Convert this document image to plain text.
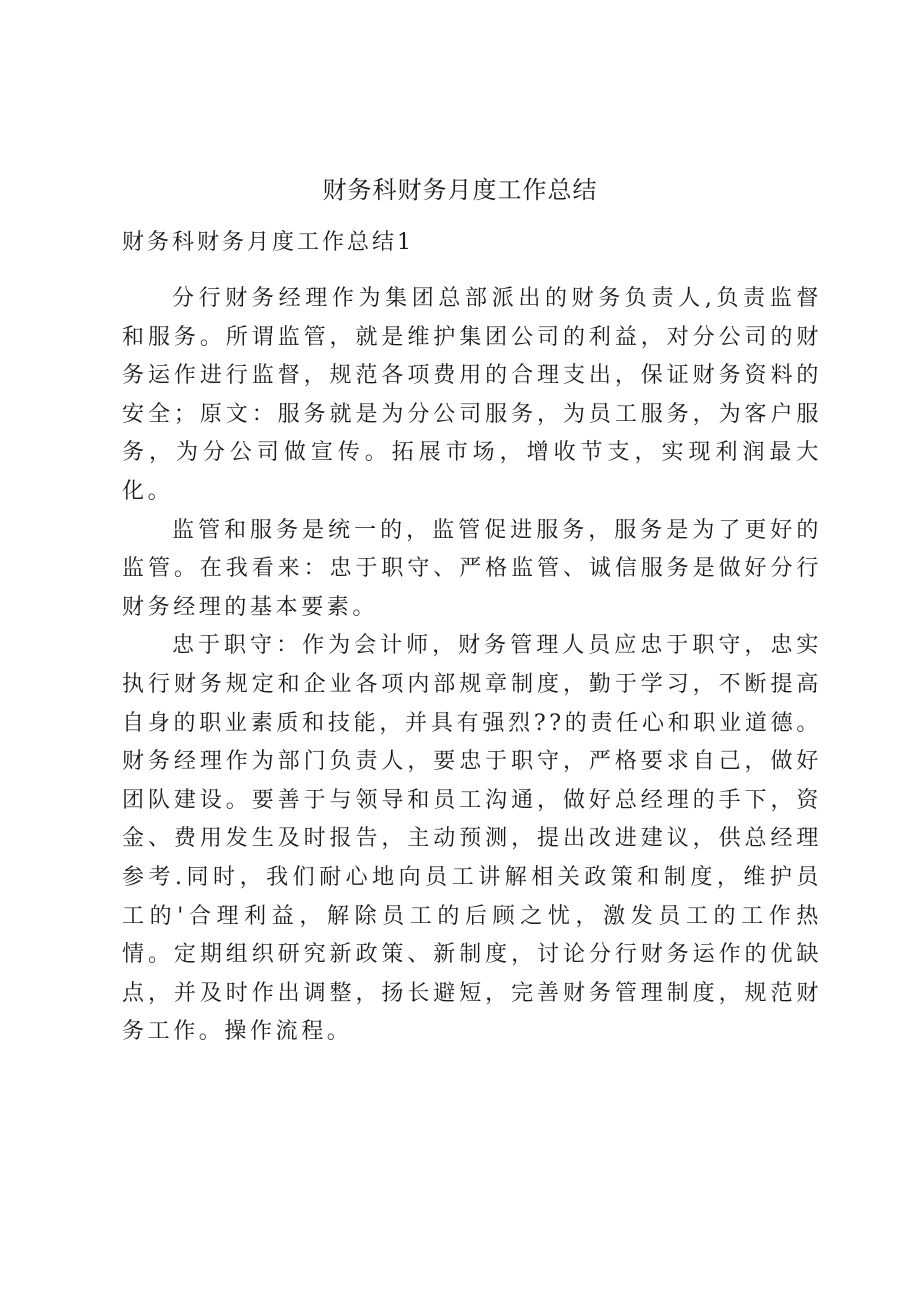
财务科财务月度工作总结

财务科财务月度工作总结1

分行财务经理作为集团总部派出的财务负责人,负责监督和服务。所谓监管，就是维护集团公司的利益，对分公司的财务运作进行监督，规范各项费用的合理支出，保证财务资料的安全；原文：服务就是为分公司服务，为员工服务，为客户服务，为分公司做宣传。拓展市场，增收节支，实现利润最大化。

监管和服务是统一的，监管促进服务，服务是为了更好的监管。在我看来：忠于职守、严格监管、诚信服务是做好分行财务经理的基本要素。

忠于职守：作为会计师，财务管理人员应忠于职守，忠实执行财务规定和企业各项内部规章制度，勤于学习，不断提高自身的职业素质和技能，并具有强烈??的责任心和职业道德。财务经理作为部门负责人，要忠于职守，严格要求自己，做好团队建设。要善于与领导和员工沟通，做好总经理的手下，资金、费用发生及时报告，主动预测，提出改进建议，供总经理参考.同时，我们耐心地向员工讲解相关政策和制度，维护员工的'合理利益，解除员工的后顾之忧，激发员工的工作热情。定期组织研究新政策、新制度，讨论分行财务运作的优缺点，并及时作出调整，扬长避短，完善财务管理制度，规范财务工作。操作流程。
